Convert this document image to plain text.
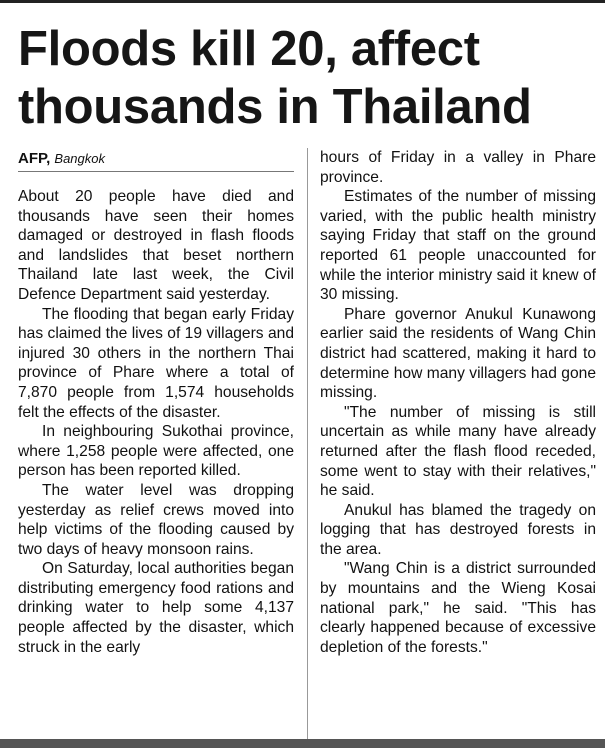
Floods kill 20, affect thousands in Thailand
AFP, Bangkok

About 20 people have died and thousands have seen their homes damaged or destroyed in flash floods and landslides that beset northern Thailand late last week, the Civil Defence Department said yesterday.

The flooding that began early Friday has claimed the lives of 19 villagers and injured 30 others in the northern Thai province of Phare where a total of 7,870 people from 1,574 households felt the effects of the disaster.

In neighbouring Sukothai province, where 1,258 people were affected, one person has been reported killed.

The water level was dropping yesterday as relief crews moved into help victims of the flooding caused by two days of heavy monsoon rains.

On Saturday, local authorities began distributing emergency food rations and drinking water to help some 4,137 people affected by the disaster, which struck in the early

hours of Friday in a valley in Phare province.

Estimates of the number of missing varied, with the public health ministry saying Friday that staff on the ground reported 61 people unaccounted for while the interior ministry said it knew of 30 missing.

Phare governor Anukul Kunawong earlier said the residents of Wang Chin district had scattered, making it hard to determine how many villagers had gone missing.

"The number of missing is still uncertain as while many have already returned after the flash flood receded, some went to stay with their relatives," he said.

Anukul has blamed the tragedy on logging that has destroyed forests in the area.

"Wang Chin is a district surrounded by mountains and the Wieng Kosai national park," he said. "This has clearly happened because of excessive depletion of the forests."
